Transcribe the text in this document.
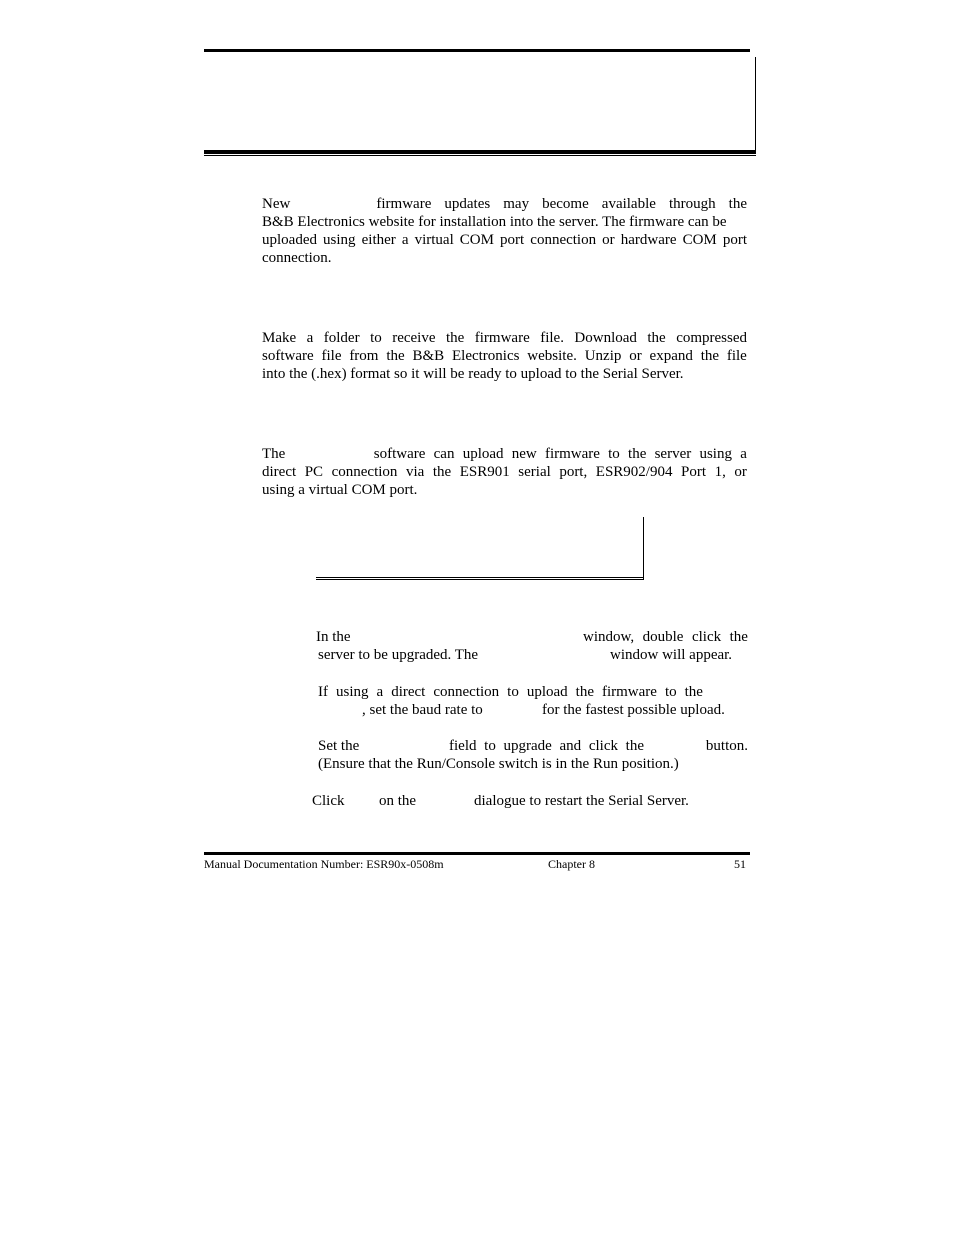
New	firmware updates may become available through the
B&B Electronics website for installation into the server. The firmware can be
uploaded using either a virtual COM port connection or hardware COM port
connection.
Make a folder to receive the firmware file. Download the compressed
software file from the B&B Electronics website. Unzip or expand the file
into the (.hex) format so it will be ready to upload to the Serial Server.
The	software can upload new firmware to the server using a
direct PC connection via the ESR901 serial port, ESR902/904 Port 1, or
using a virtual COM port.
In the	window, double click the
server to be upgraded. The	window will appear.
If using a direct connection to upload the firmware to the
, set the baud rate to	for the fastest possible upload.
Set the	field to upgrade and click the	button.
(Ensure that the Run/Console switch is in the Run position.)
Click on the	dialogue to restart the Serial Server.
Manual Documentation Number: ESR90x-0508m	Chapter 8	51
